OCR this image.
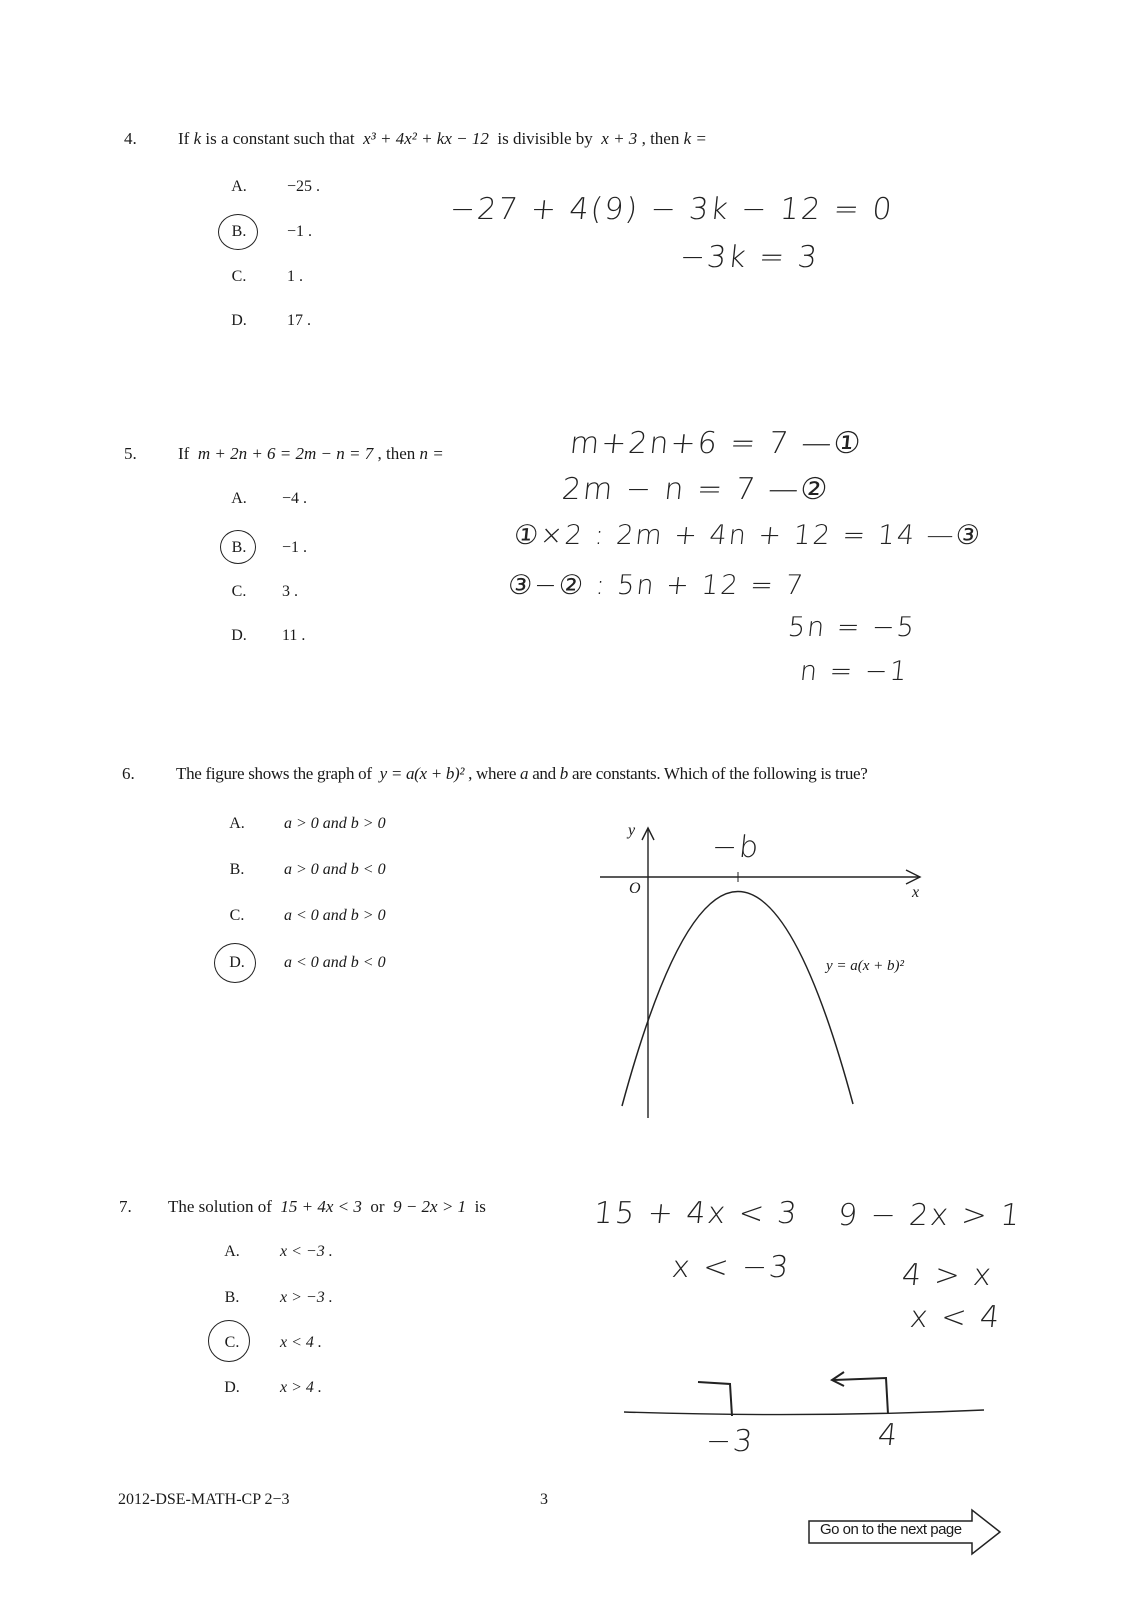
4. If k is a constant such that x³ + 4x² + kx − 12 is divisible by x + 3 , then k =
A.	−25 .
B.	−1 .
C.	1 .
D.	17 .
−27 + 4(9) − 3k − 12 = 0
−3k = 3
5. If m + 2n + 6 = 2m − n = 7 , then n =
A.	−4 .
B.	−1 .
C.	3 .
D.	11 .
m+2n+6 = 7 —①
2m − n = 7 —②
①×2 : 2m + 4n + 12 = 14 —③
③−② : 5n + 12 = 7
5n = −5
n = −1
6. The figure shows the graph of y = a(x + b)² , where a and b are constants. Which of the following is true?
A.	a > 0 and b > 0
B.	a > 0 and b < 0
C.	a < 0 and b > 0
D.	a < 0 and b < 0
y
x
O
y = a(x + b)²
−b
7. The solution of 15 + 4x < 3 or 9 − 2x > 1 is
A.	x < −3 .
B.	x > −3 .
C.	x < 4 .
D.	x > 4 .
15 + 4x < 3
x < −3
9 − 2x > 1
4 > x
x < 4
−3	4
2012-DSE-MATH-CP 2−3	3
Go on to the next page
